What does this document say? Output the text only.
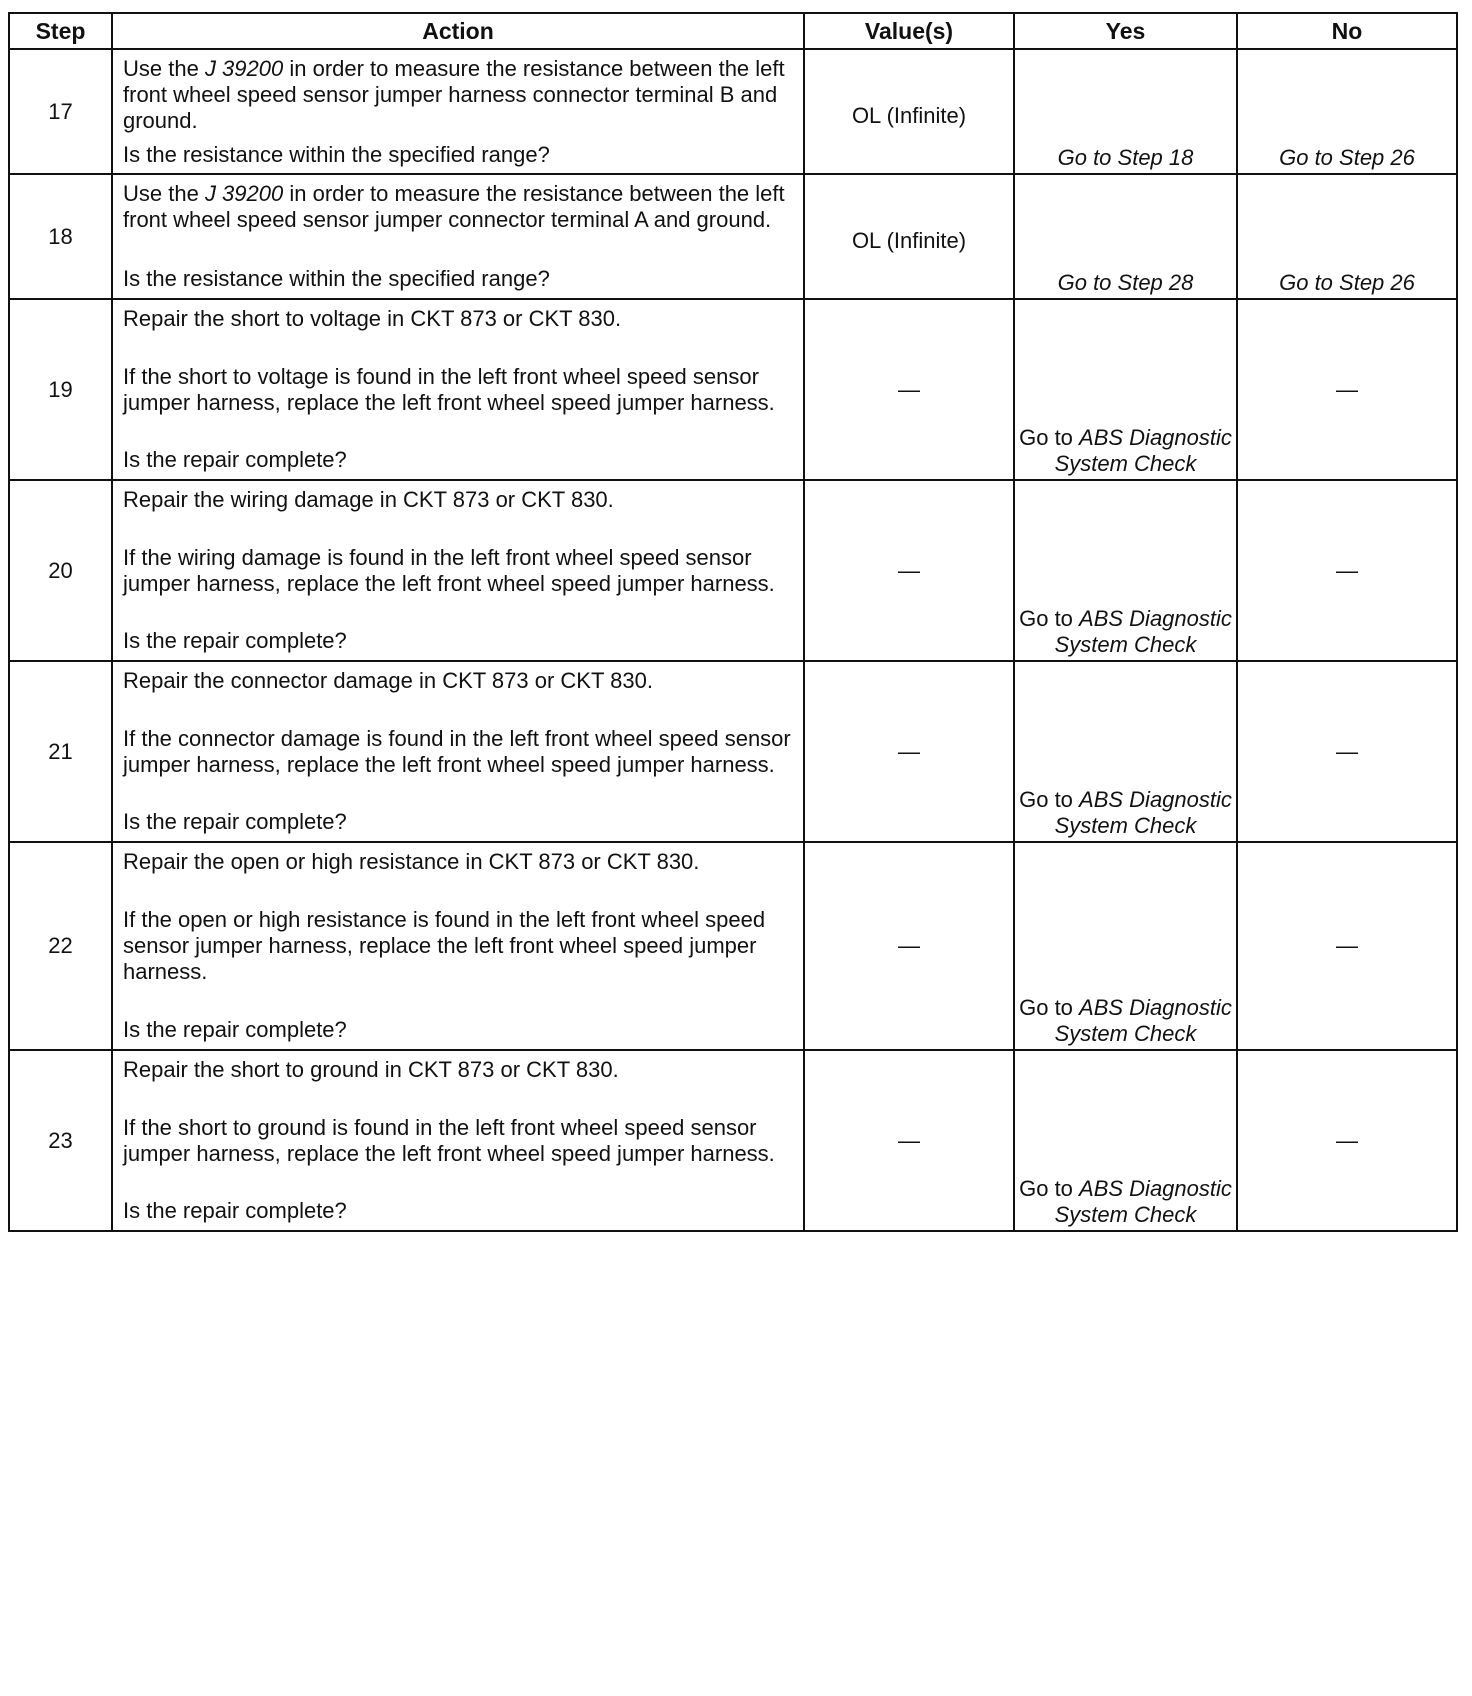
Step	Action	Value(s)	Yes	No
17	Use the J 39200 in order to measure the resistance between the left front wheel speed sensor jumper harness connector terminal B and ground.
Is the resistance within the specified range?	OL (Infinite)	Go to Step 18	Go to Step 26

18	Use the J 39200 in order to measure the resistance between the left front wheel speed sensor jumper connector terminal A and ground.
Is the resistance within the specified range?	OL (Infinite)	Go to Step 28	Go to Step 26

19	Repair the short to voltage in CKT 873 or CKT 830.
If the short to voltage is found in the left front wheel speed sensor jumper harness, replace the left front wheel speed jumper harness.
Is the repair complete?	—	Go to ABS Diagnostic System Check	—

20	Repair the wiring damage in CKT 873 or CKT 830.
If the wiring damage is found in the left front wheel speed sensor jumper harness, replace the left front wheel speed jumper harness.
Is the repair complete?	—	Go to ABS Diagnostic System Check	—

21	Repair the connector damage in CKT 873 or CKT 830.
If the connector damage is found in the left front wheel speed sensor jumper harness, replace the left front wheel speed jumper harness.
Is the repair complete?	—	Go to ABS Diagnostic System Check	—

22	Repair the open or high resistance in CKT 873 or CKT 830.
If the open or high resistance is found in the left front wheel speed sensor jumper harness, replace the left front wheel speed jumper harness.
Is the repair complete?	—	Go to ABS Diagnostic System Check	—

23	Repair the short to ground in CKT 873 or CKT 830.
If the short to ground is found in the left front wheel speed sensor jumper harness, replace the left front wheel speed jumper harness.
Is the repair complete?	—	Go to ABS Diagnostic System Check	—
